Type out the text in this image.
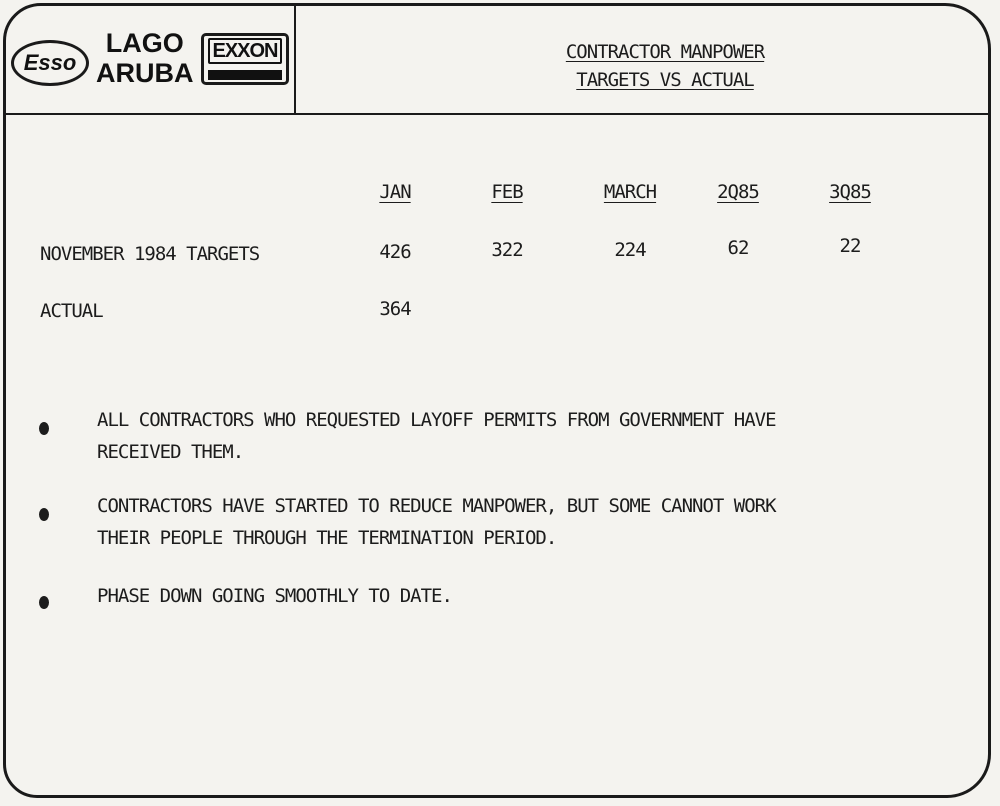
Esso
LAGO
ARUBA
EXXON	CONTRACTOR MANPOWER
TARGETS VS ACTUAL
JAN	FEB	MARCH	2Q85	3Q85
NOVEMBER 1984 TARGETS	426	322	224	62	22
ACTUAL	364
ALL CONTRACTORS WHO REQUESTED LAYOFF PERMITS FROM GOVERNMENT HAVE
RECEIVED THEM.
CONTRACTORS HAVE STARTED TO REDUCE MANPOWER, BUT SOME CANNOT WORK
THEIR PEOPLE THROUGH THE TERMINATION PERIOD.
PHASE DOWN GOING SMOOTHLY TO DATE.
